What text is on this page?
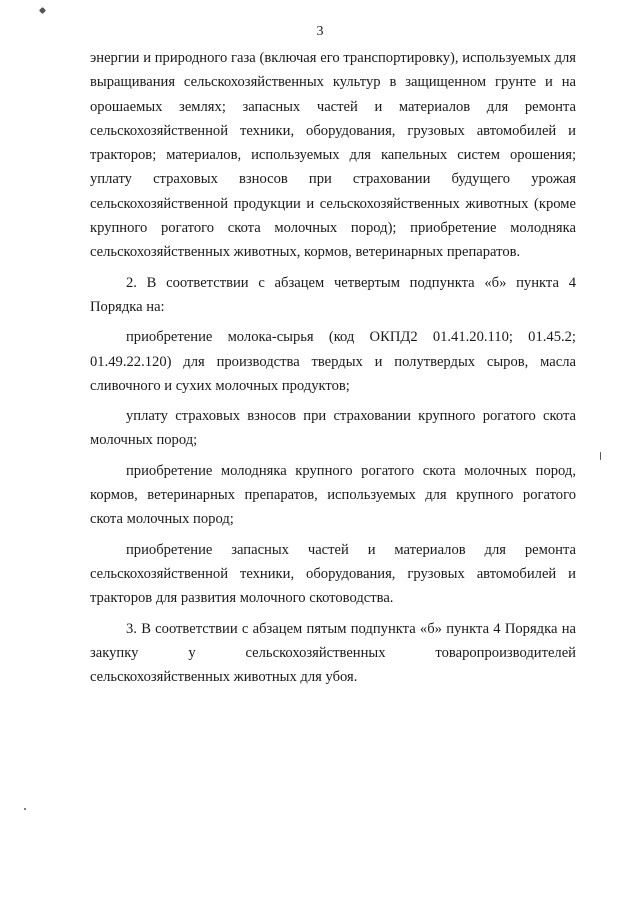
3

энергии и природного газа (включая его транспортировку), используемых для выращивания сельскохозяйственных культур в защищенном грунте и на орошаемых землях; запасных частей и материалов для ремонта сельскохозяйственной техники, оборудования, грузовых автомобилей и тракторов; материалов, используемых для капельных систем орошения; уплату страховых взносов при страховании будущего урожая сельскохозяйственной продукции и сельскохозяйственных животных (кроме крупного рогатого скота молочных пород); приобретение молодняка сельскохозяйственных животных, кормов, ветеринарных препаратов.

2. В соответствии с абзацем четвертым подпункта «б» пункта 4 Порядка на:

приобретение молока-сырья (код ОКПД2 01.41.20.110; 01.45.2; 01.49.22.120) для производства твердых и полутвердых сыров, масла сливочного и сухих молочных продуктов;

уплату страховых взносов при страховании крупного рогатого скота молочных пород;

приобретение молодняка крупного рогатого скота молочных пород, кормов, ветеринарных препаратов, используемых для крупного рогатого скота молочных пород;

приобретение запасных частей и материалов для ремонта сельскохозяйственной техники, оборудования, грузовых автомобилей и тракторов для развития молочного скотоводства.

3. В соответствии с абзацем пятым подпункта «б» пункта 4 Порядка на закупку у сельскохозяйственных товаропроизводителей сельскохозяйственных животных для убоя.
